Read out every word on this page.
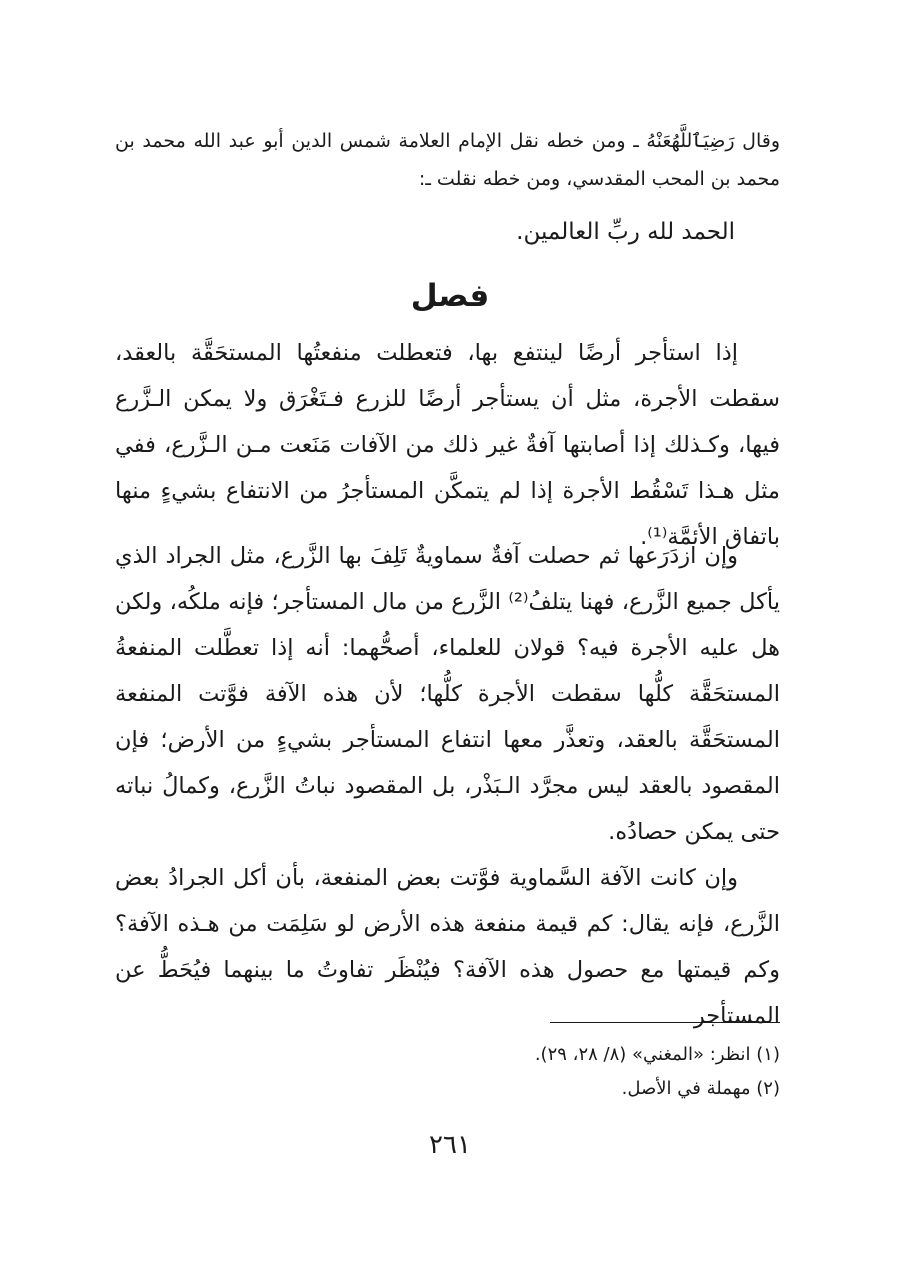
وقال رَضِيَٱللَّهُعَنْهُ ـ ومن خطه نقل الإمام العلامة شمس الدين أبو عبد الله محمد بن محمد بن المحب المقدسي، ومن خطه نقلت ـ:
الحمد لله ربِّ العالمين.
فصل

إذا استأجر أرضًا لينتفع بها، فتعطلت منفعتُها المستحَقَّة بالعقد، سقطت الأجرة، مثل أن يستأجر أرضًا للزرع فـتَغْرَق ولا يمكن الـزَّرع فيها، وكـذلك إذا أصابتها آفةٌ غير ذلك من الآفات مَنَعت مـن الـزَّرع، ففي مثل هـذا تَسْقُط الأجرة إذا لم يتمكَّن المستأجرُ من الانتفاع بشيءٍ منها باتفاق الأئمَّة⁽¹⁾.

وإن ازدَرَعها ثم حصلت آفةٌ سماويةٌ تَلِفَ بها الزَّرع، مثل الجراد الذي يأكل جميع الزَّرع، فهنا يتلفُ⁽²⁾ الزَّرع من مال المستأجر؛ فإنه ملكُه، ولكن هل عليه الأجرة فيه؟ قولان للعلماء، أصحُّهما: أنه إذا تعطَّلت المنفعةُ المستحَقَّة كلُّها سقطت الأجرة كلُّها؛ لأن هذه الآفة فوَّتت المنفعة المستحَقَّة بالعقد، وتعذَّر معها انتفاع المستأجر بشيءٍ من الأرض؛ فإن المقصود بالعقد ليس مجرَّد الـبَذْر، بل المقصود نباتُ الزَّرع، وكمالُ نباته حتى يمكن حصادُه.

وإن كانت الآفة السَّماوية فوَّتت بعض المنفعة، بأن أكل الجرادُ بعض الزَّرع، فإنه يقال: كم قيمة منفعة هذه الأرض لو سَلِمَت من هـذه الآفة؟ وكم قيمتها مع حصول هذه الآفة؟ فيُنْظَر تفاوتُ ما بينهما فيُحَطُّ عن المستأجر

(١) انظر: «المغني» (٨/ ٢٨، ٢٩).
(٢) مهملة في الأصل.
٢٦١
